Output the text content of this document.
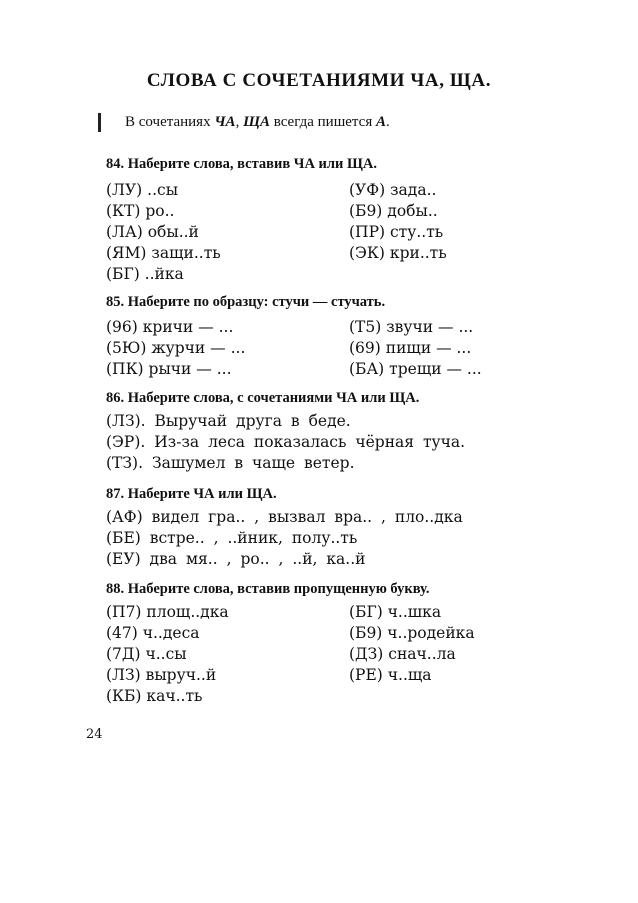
СЛОВА С СОЧЕТАНИЯМИ ЧА, ЩА.
В сочетаниях ЧА, ЩА всегда пишется А.
84. Наберите слова, вставив ЧА или ЩА.
(ЛУ) ..сы
(КТ) ро..
(ЛА) обы..й
(ЯМ) защи..ть
(БГ) ..йка
(УФ) зада..
(Б9) добы..
(ПР) сту..ть
(ЭК) кри..ть
85. Наберите по образцу: стучи — стучать.
(96) кричи — ...
(5Ю) журчи — ...
(ПК) рычи — ...
(Т5) звучи — ...
(69) пищи — ...
(БА) трещи — ...
86. Наберите слова, с сочетаниями ЧА или ЩА.
(ЛЗ). Выручай друга в беде.
(ЭР). Из-за леса показалась чёрная туча.
(ТЗ). Зашумел в чаще ветер.
87. Наберите ЧА или ЩА.
(АФ) видел гра.. , вызвал вра.. , пло..дка
(БЕ) встре.. , ..йник, полу..ть
(ЕУ) два мя.. , ро.. , ..й, ка..й
88. Наберите слова, вставив пропущенную букву.
(П7) площ..дка
(47) ч..деса
(7Д) ч..сы
(ЛЗ) выруч..й
(КБ) кач..ть
(БГ) ч..шка
(Б9) ч..родейка
(ДЗ) снач..ла
(РЕ) ч..ща
24
